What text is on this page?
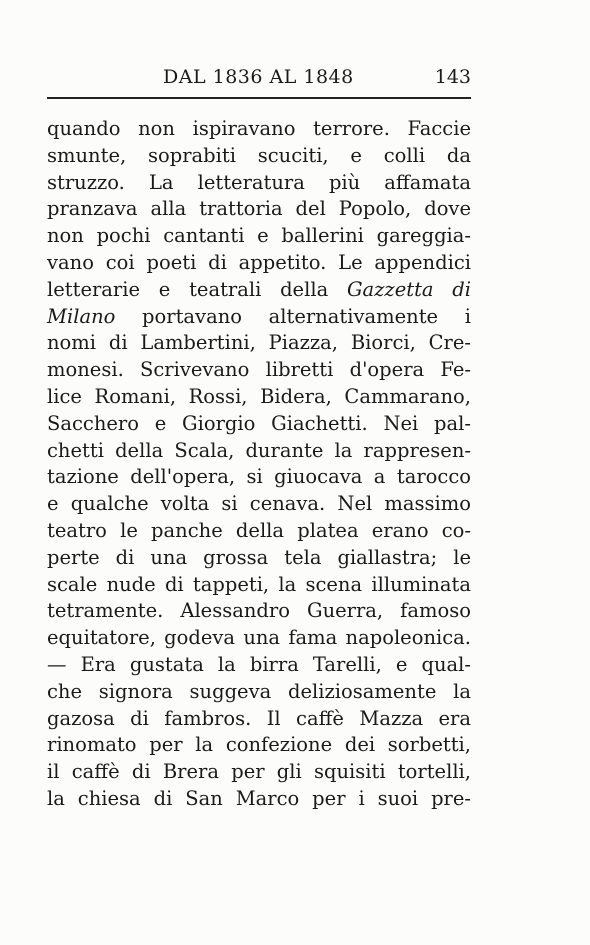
DAL 1836 AL 1848	143
quando non ispiravano terrore. Faccie
smunte, soprabiti scuciti, e colli da
struzzo. La letteratura più affamata
pranzava alla trattoria del Popolo, dove
non pochi cantanti e ballerini gareggia-
vano coi poeti di appetito. Le appendici
letterarie e teatrali della Gazzetta di
Milano portavano alternativamente i
nomi di Lambertini, Piazza, Biorci, Cre-
monesi. Scrivevano libretti d'opera Fe-
lice Romani, Rossi, Bidera, Cammarano,
Sacchero e Giorgio Giachetti. Nei pal-
chetti della Scala, durante la rappresen-
tazione dell'opera, si giuocava a tarocco
e qualche volta si cenava. Nel massimo
teatro le panche della platea erano co-
perte di una grossa tela giallastra; le
scale nude di tappeti, la scena illuminata
tetramente. Alessandro Guerra, famoso
equitatore, godeva una fama napoleonica.
— Era gustata la birra Tarelli, e qual-
che signora suggeva deliziosamente la
gazosa di fambros. Il caffè Mazza era
rinomato per la confezione dei sorbetti,
il caffè di Brera per gli squisiti tortelli,
la chiesa di San Marco per i suoi pre-
